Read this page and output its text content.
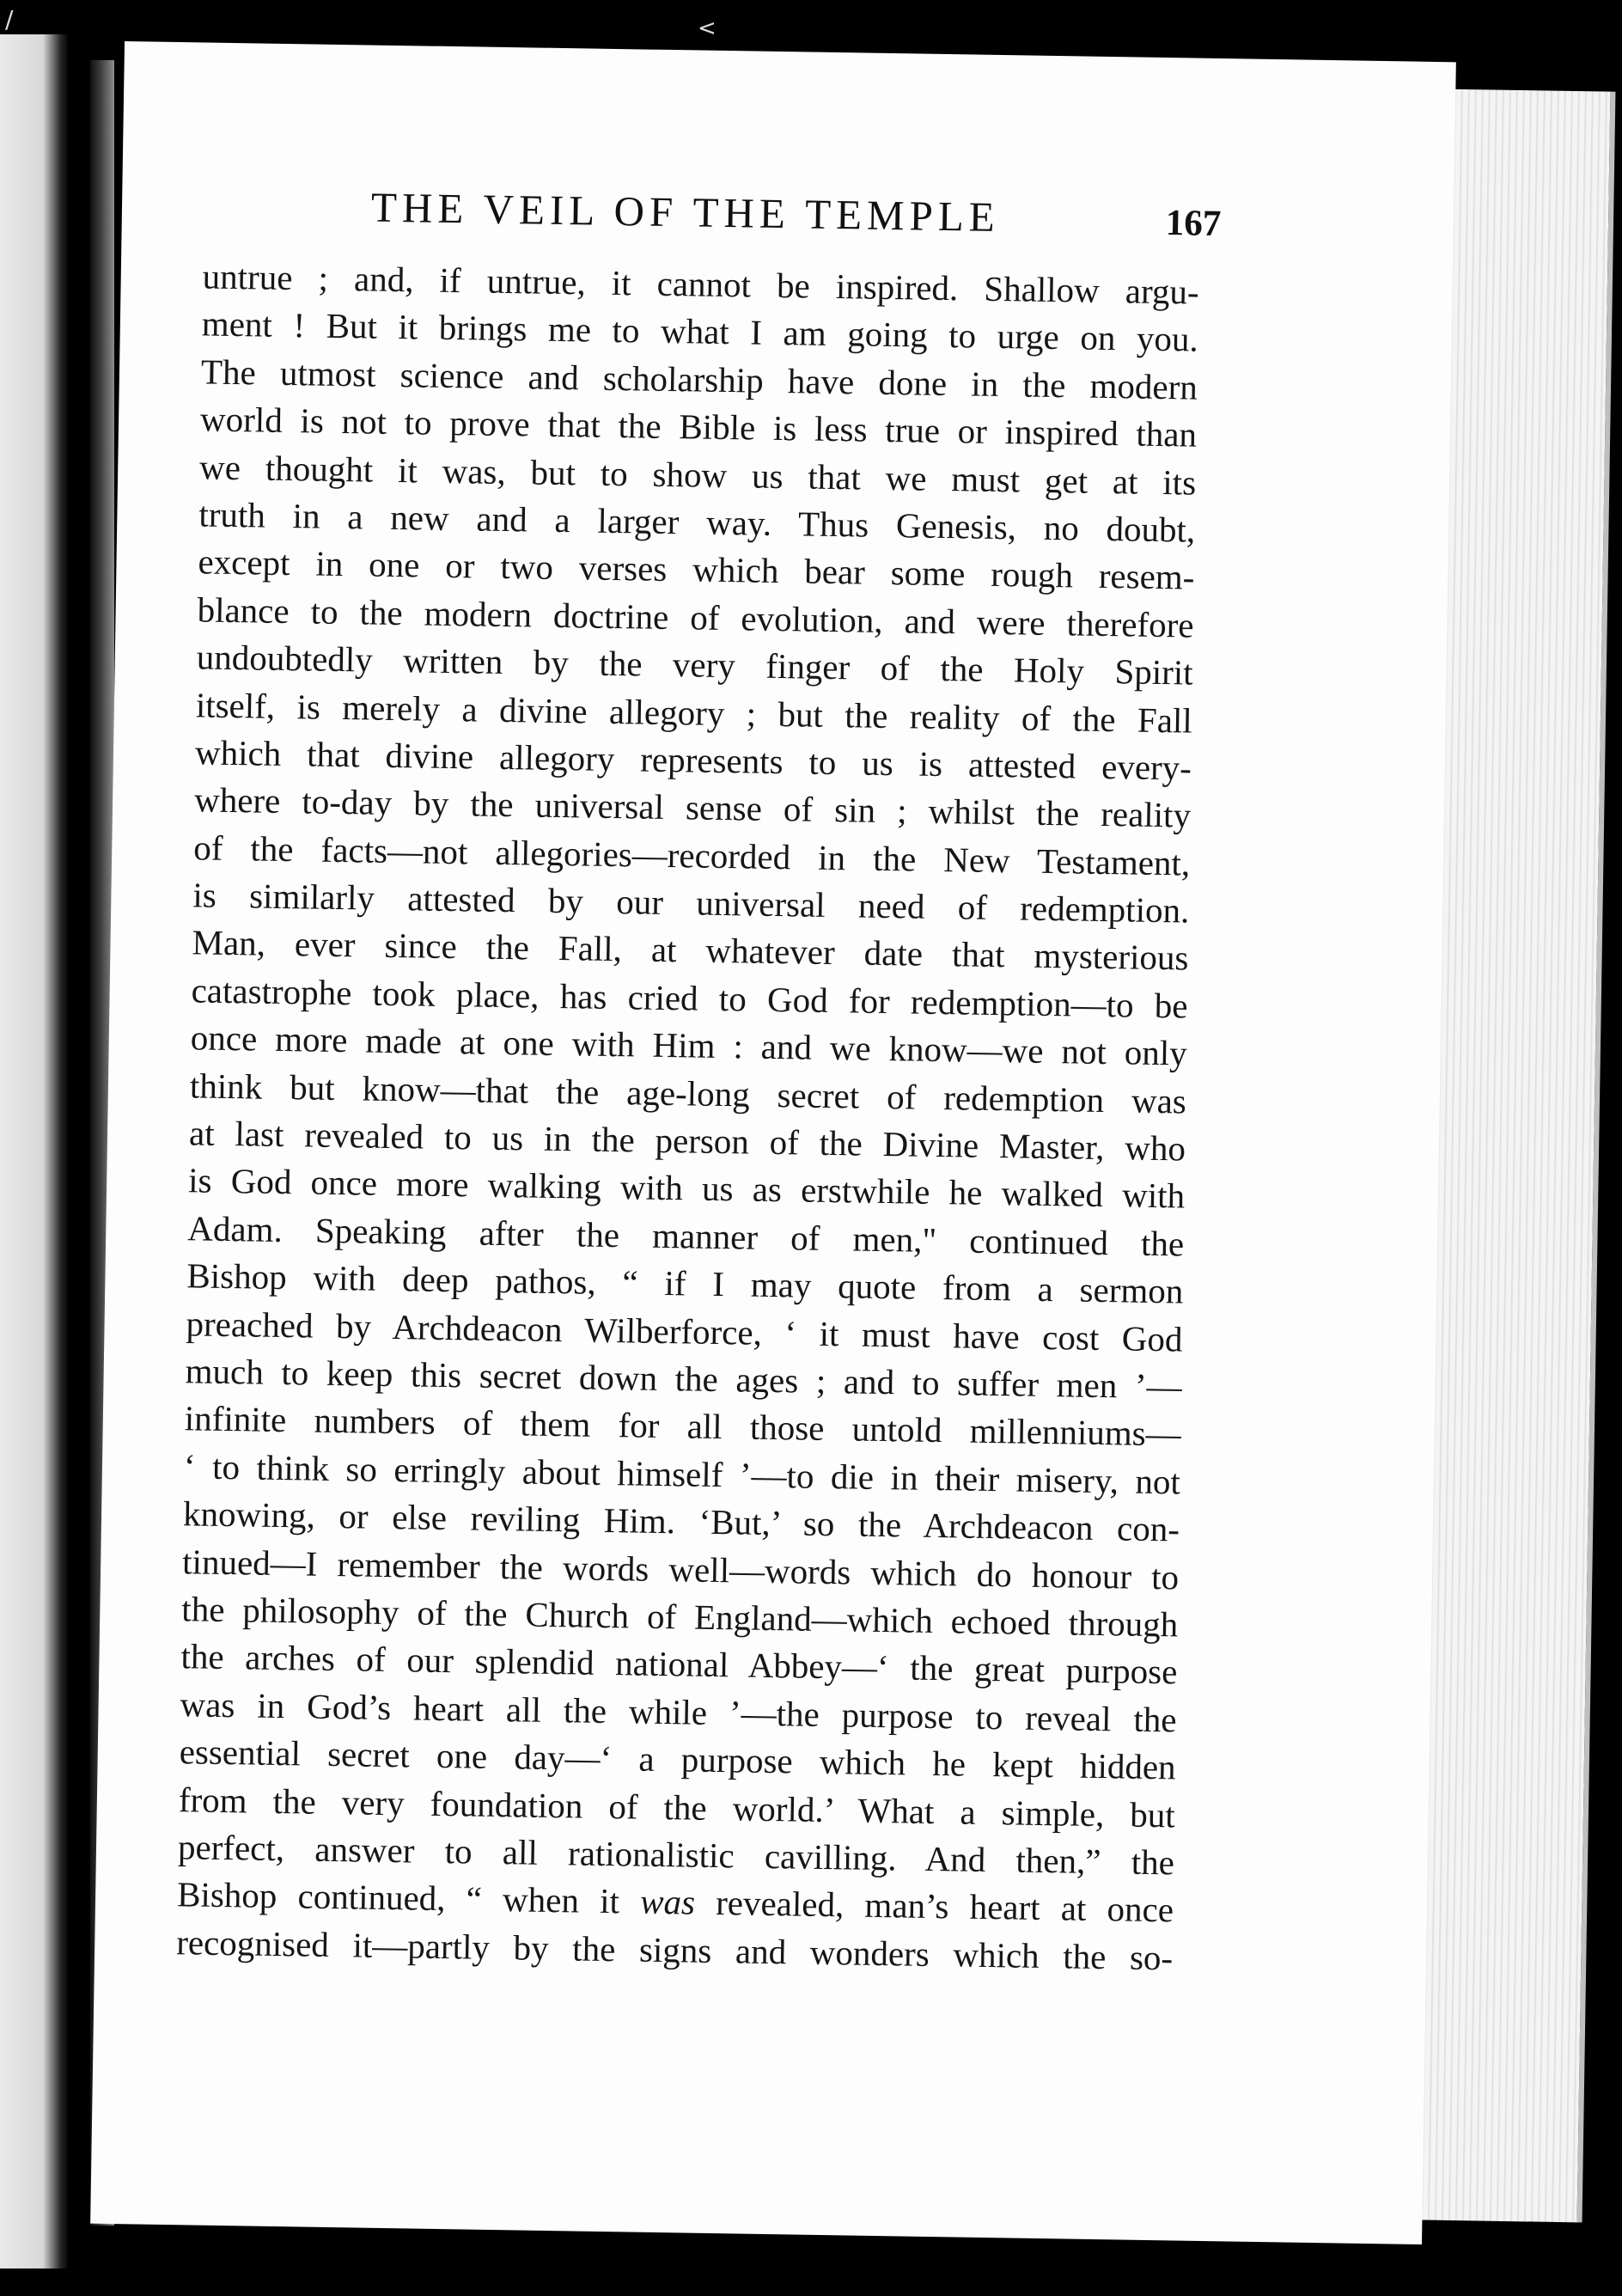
/	<
THE VEIL OF THE TEMPLE	167
untrue ; and, if untrue, it cannot be inspired. Shallow argu-
ment ! But it brings me to what I am going to urge on you.
The utmost science and scholarship have done in the modern
world is not to prove that the Bible is less true or inspired than
we thought it was, but to show us that we must get at its
truth in a new and a larger way. Thus Genesis, no doubt,
except in one or two verses which bear some rough resem-
blance to the modern doctrine of evolution, and were therefore
undoubtedly written by the very finger of the Holy Spirit
itself, is merely a divine allegory ; but the reality of the Fall
which that divine allegory represents to us is attested every-
where to-day by the universal sense of sin ; whilst the reality
of the facts—not allegories—recorded in the New Testament,
is similarly attested by our universal need of redemption.
Man, ever since the Fall, at whatever date that mysterious
catastrophe took place, has cried to God for redemption—to be
once more made at one with Him : and we know—we not only
think but know—that the age-long secret of redemption was
at last revealed to us in the person of the Divine Master, who
is God once more walking with us as erstwhile he walked with
Adam. Speaking after the manner of men," continued the
Bishop with deep pathos, “ if I may quote from a sermon
preached by Archdeacon Wilberforce, ‘ it must have cost God
much to keep this secret down the ages ; and to suffer men ’—
infinite numbers of them for all those untold millenniums—
‘ to think so erringly about himself ’—to die in their misery, not
knowing, or else reviling Him. ‘But,’ so the Archdeacon con-
tinued—I remember the words well—words which do honour to
the philosophy of the Church of England—which echoed through
the arches of our splendid national Abbey—‘ the great purpose
was in God’s heart all the while ’—the purpose to reveal the
essential secret one day—‘ a purpose which he kept hidden
from the very foundation of the world.’ What a simple, but
perfect, answer to all rationalistic cavilling. And then,” the
Bishop continued, “ when it was revealed, man’s heart at once
recognised it—partly by the signs and wonders which the so-
